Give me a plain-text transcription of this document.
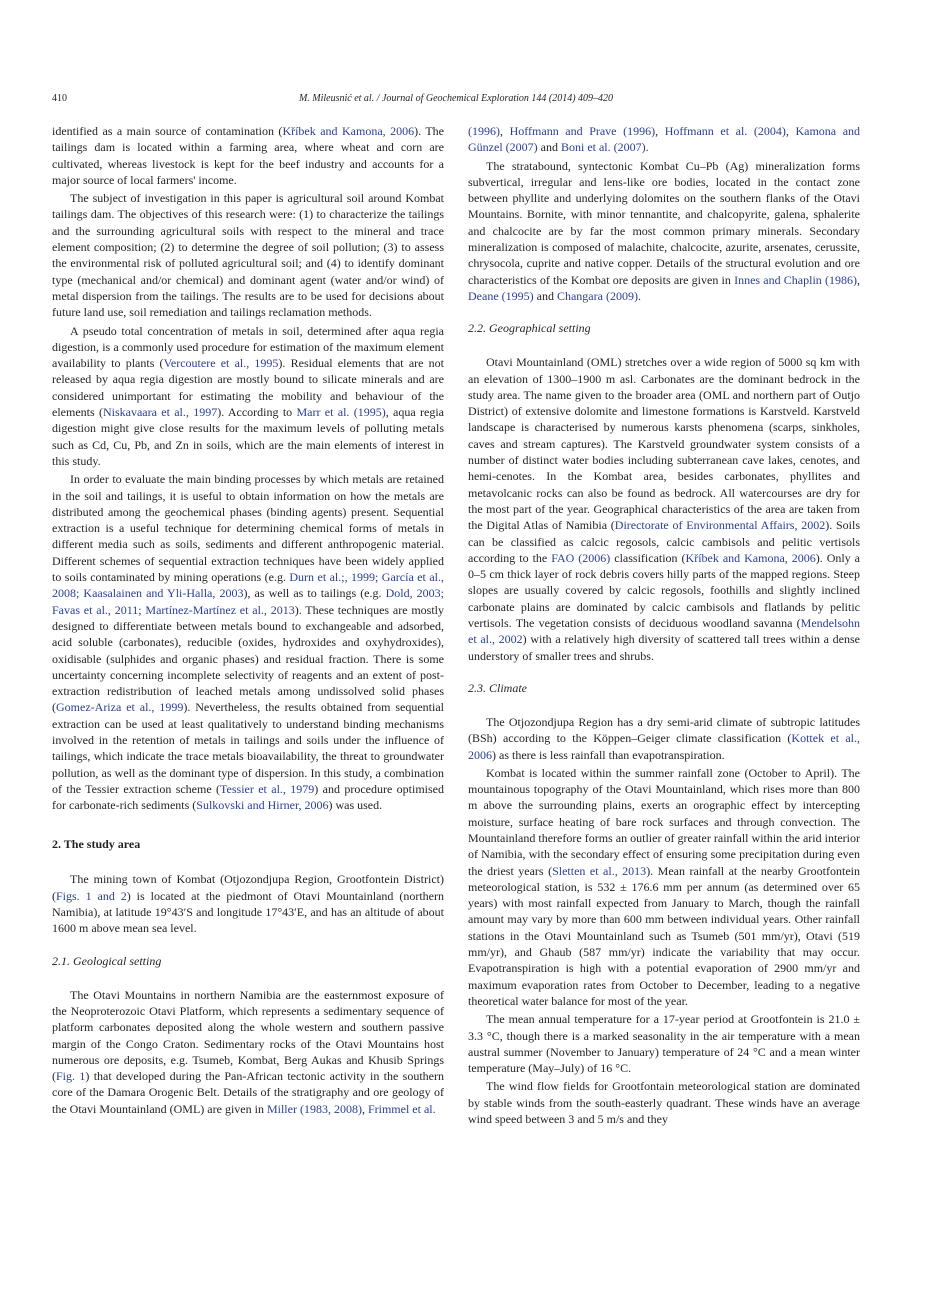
410	M. Mileusnić et al. / Journal of Geochemical Exploration 144 (2014) 409–420

identified as a main source of contamination (Kříbek and Kamona, 2006). The tailings dam is located within a farming area, where wheat and corn are cultivated, whereas livestock is kept for the beef industry and accounts for a major source of local farmers' income.

The subject of investigation in this paper is agricultural soil around Kombat tailings dam. The objectives of this research were: (1) to characterize the tailings and the surrounding agricultural soils with respect to the mineral and trace element composition; (2) to determine the degree of soil pollution; (3) to assess the environmental risk of polluted agricultural soil; and (4) to identify dominant type (mechanical and/or chemical) and dominant agent (water and/or wind) of metal dispersion from the tailings. The results are to be used for decisions about future land use, soil remediation and tailings reclamation methods.

A pseudo total concentration of metals in soil, determined after aqua regia digestion, is a commonly used procedure for estimation of the maximum element availability to plants (Vercoutere et al., 1995). Residual elements that are not released by aqua regia digestion are mostly bound to silicate minerals and are considered unimportant for estimating the mobility and behaviour of the elements (Niskavaara et al., 1997). According to Marr et al. (1995), aqua regia digestion might give close results for the maximum levels of polluting metals such as Cd, Cu, Pb, and Zn in soils, which are the main elements of interest in this study.

In order to evaluate the main binding processes by which metals are retained in the soil and tailings, it is useful to obtain information on how the metals are distributed among the geochemical phases (binding agents) present. Sequential extraction is a useful technique for determining chemical forms of metals in different media such as soils, sediments and different anthropogenic material. Different schemes of sequential extraction techniques have been widely applied to soils contaminated by mining operations (e.g. Durn et al.;, 1999; García et al., 2008; Kaasalainen and Yli-Halla, 2003), as well as to tailings (e.g. Dold, 2003; Favas et al., 2011; Martínez-Martínez et al., 2013). These techniques are mostly designed to differentiate between metals bound to exchangeable and adsorbed, acid soluble (carbonates), reducible (oxides, hydroxides and oxyhydroxides), oxidisable (sulphides and organic phases) and residual fraction. There is some uncertainty concerning incomplete selectivity of reagents and an extent of post-extraction redistribution of leached metals among undissolved solid phases (Gomez-Ariza et al., 1999). Nevertheless, the results obtained from sequential extraction can be used at least qualitatively to understand binding mechanisms involved in the retention of metals in tailings and soils under the influence of tailings, which indicate the trace metals bioavailability, the threat to groundwater pollution, as well as the dominant type of dispersion. In this study, a combination of the Tessier extraction scheme (Tessier et al., 1979) and procedure optimised for carbonate-rich sediments (Sulkovski and Hirner, 2006) was used.

2. The study area

The mining town of Kombat (Otjozondjupa Region, Grootfontein District) (Figs. 1 and 2) is located at the piedmont of Otavi Mountainland (northern Namibia), at latitude 19°43′S and longitude 17°43′E, and has an altitude of about 1600 m above mean sea level.

2.1. Geological setting

The Otavi Mountains in northern Namibia are the easternmost exposure of the Neoproterozoic Otavi Platform, which represents a sedimentary sequence of platform carbonates deposited along the whole western and southern passive margin of the Congo Craton. Sedimentary rocks of the Otavi Mountains host numerous ore deposits, e.g. Tsumeb, Kombat, Berg Aukas and Khusib Springs (Fig. 1) that developed during the Pan-African tectonic activity in the southern core of the Damara Orogenic Belt. Details of the stratigraphy and ore geology of the Otavi Mountainland (OML) are given in Miller (1983, 2008), Frimmel et al.

(1996), Hoffmann and Prave (1996), Hoffmann et al. (2004), Kamona and Günzel (2007) and Boni et al. (2007).

The stratabound, syntectonic Kombat Cu–Pb (Ag) mineralization forms subvertical, irregular and lens-like ore bodies, located in the contact zone between phyllite and underlying dolomites on the southern flanks of the Otavi Mountains. Bornite, with minor tennantite, and chalcopyrite, galena, sphalerite and chalcocite are by far the most common primary minerals. Secondary mineralization is composed of malachite, chalcocite, azurite, arsenates, cerussite, chrysocola, cuprite and native copper. Details of the structural evolution and ore characteristics of the Kombat ore deposits are given in Innes and Chaplin (1986), Deane (1995) and Changara (2009).

2.2. Geographical setting

Otavi Mountainland (OML) stretches over a wide region of 5000 sq km with an elevation of 1300–1900 m asl. Carbonates are the dominant bedrock in the study area. The name given to the broader area (OML and northern part of Outjo District) of extensive dolomite and limestone formations is Karstveld. Karstveld landscape is characterised by numerous karsts phenomena (scarps, sinkholes, caves and stream captures). The Karstveld groundwater system consists of a number of distinct water bodies including subterranean cave lakes, cenotes, and hemi-cenotes. In the Kombat area, besides carbonates, phyllites and metavolcanic rocks can also be found as bedrock. All watercourses are dry for the most part of the year. Geographical characteristics of the area are taken from the Digital Atlas of Namibia (Directorate of Environmental Affairs, 2002). Soils can be classified as calcic regosols, calcic cambisols and pelitic vertisols according to the FAO (2006) classification (Kříbek and Kamona, 2006). Only a 0–5 cm thick layer of rock debris covers hilly parts of the mapped regions. Steep slopes are usually covered by calcic regosols, foothills and slightly inclined carbonate plains are dominated by calcic cambisols and flatlands by pelitic vertisols. The vegetation consists of deciduous woodland savanna (Mendelsohn et al., 2002) with a relatively high diversity of scattered tall trees within a dense understory of smaller trees and shrubs.

2.3. Climate

The Otjozondjupa Region has a dry semi-arid climate of subtropic latitudes (BSh) according to the Köppen–Geiger climate classification (Kottek et al., 2006) as there is less rainfall than evapotranspiration.

Kombat is located within the summer rainfall zone (October to April). The mountainous topography of the Otavi Mountainland, which rises more than 800 m above the surrounding plains, exerts an orographic effect by intercepting moisture, surface heating of bare rock surfaces and through convection. The Mountainland therefore forms an outlier of greater rainfall within the arid interior of Namibia, with the secondary effect of ensuring some precipitation during even the driest years (Sletten et al., 2013). Mean rainfall at the nearby Grootfontein meteorological station, is 532 ± 176.6 mm per annum (as determined over 65 years) with most rainfall expected from January to March, though the rainfall amount may vary by more than 600 mm between individual years. Other rainfall stations in the Otavi Mountainland such as Tsumeb (501 mm/yr), Otavi (519 mm/yr), and Ghaub (587 mm/yr) indicate the variability that may occur. Evapotranspiration is high with a potential evaporation of 2900 mm/yr and maximum evaporation rates from October to December, leading to a negative theoretical water balance for most of the year.

The mean annual temperature for a 17-year period at Grootfontein is 21.0 ± 3.3 °C, though there is a marked seasonality in the air temperature with a mean austral summer (November to January) temperature of 24 °C and a mean winter temperature (May–July) of 16 °C.

The wind flow fields for Grootfontain meteorological station are dominated by stable winds from the south-easterly quadrant. These winds have an average wind speed between 3 and 5 m/s and they
